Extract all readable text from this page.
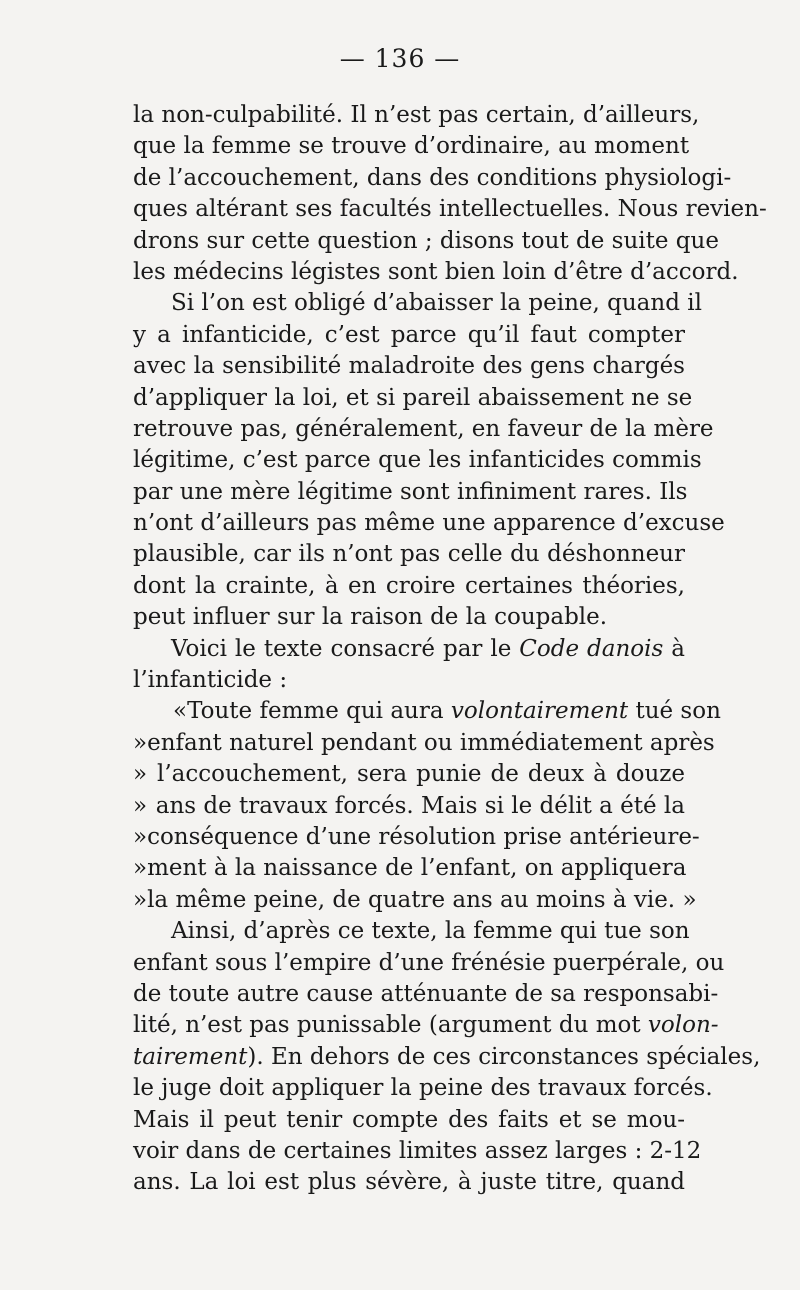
— 136 —
la non-culpabilité. Il n’est pas certain, d’ailleurs,
que la femme se trouve d’ordinaire, au moment
de l’accouchement, dans des conditions physiologi-
ques altérant ses facultés intellectuelles. Nous revien-
drons sur cette question ; disons tout de suite que
les médecins légistes sont bien loin d’être d’accord.
Si l’on est obligé d’abaisser la peine, quand il
y a infanticide, c’est parce qu’il faut compter
avec la sensibilité maladroite des gens chargés
d’appliquer la loi, et si pareil abaissement ne se
retrouve pas, généralement, en faveur de la mère
légitime, c’est parce que les infanticides commis
par une mère légitime sont infiniment rares. Ils
n’ont d’ailleurs pas même une apparence d’excuse
plausible, car ils n’ont pas celle du déshonneur
dont la crainte, à en croire certaines théories,
peut influer sur la raison de la coupable.
Voici le texte consacré par le Code danois à
l’infanticide :
« Toute femme qui aura volontairement tué son
» enfant naturel pendant ou immédiatement après
» l’accouchement, sera punie de deux à douze
» ans de travaux forcés. Mais si le délit a été la
» conséquence d’une résolution prise antérieure-
» ment à la naissance de l’enfant, on appliquera
» la même peine, de quatre ans au moins à vie. »
Ainsi, d’après ce texte, la femme qui tue son
enfant sous l’empire d’une frénésie puerpérale, ou
de toute autre cause atténuante de sa responsabi-
lité, n’est pas punissable (argument du mot volon-
tairement). En dehors de ces circonstances spéciales,
le juge doit appliquer la peine des travaux forcés.
Mais il peut tenir compte des faits et se mou-
voir dans de certaines limites assez larges : 2-12
ans. La loi est plus sévère, à juste titre, quand
